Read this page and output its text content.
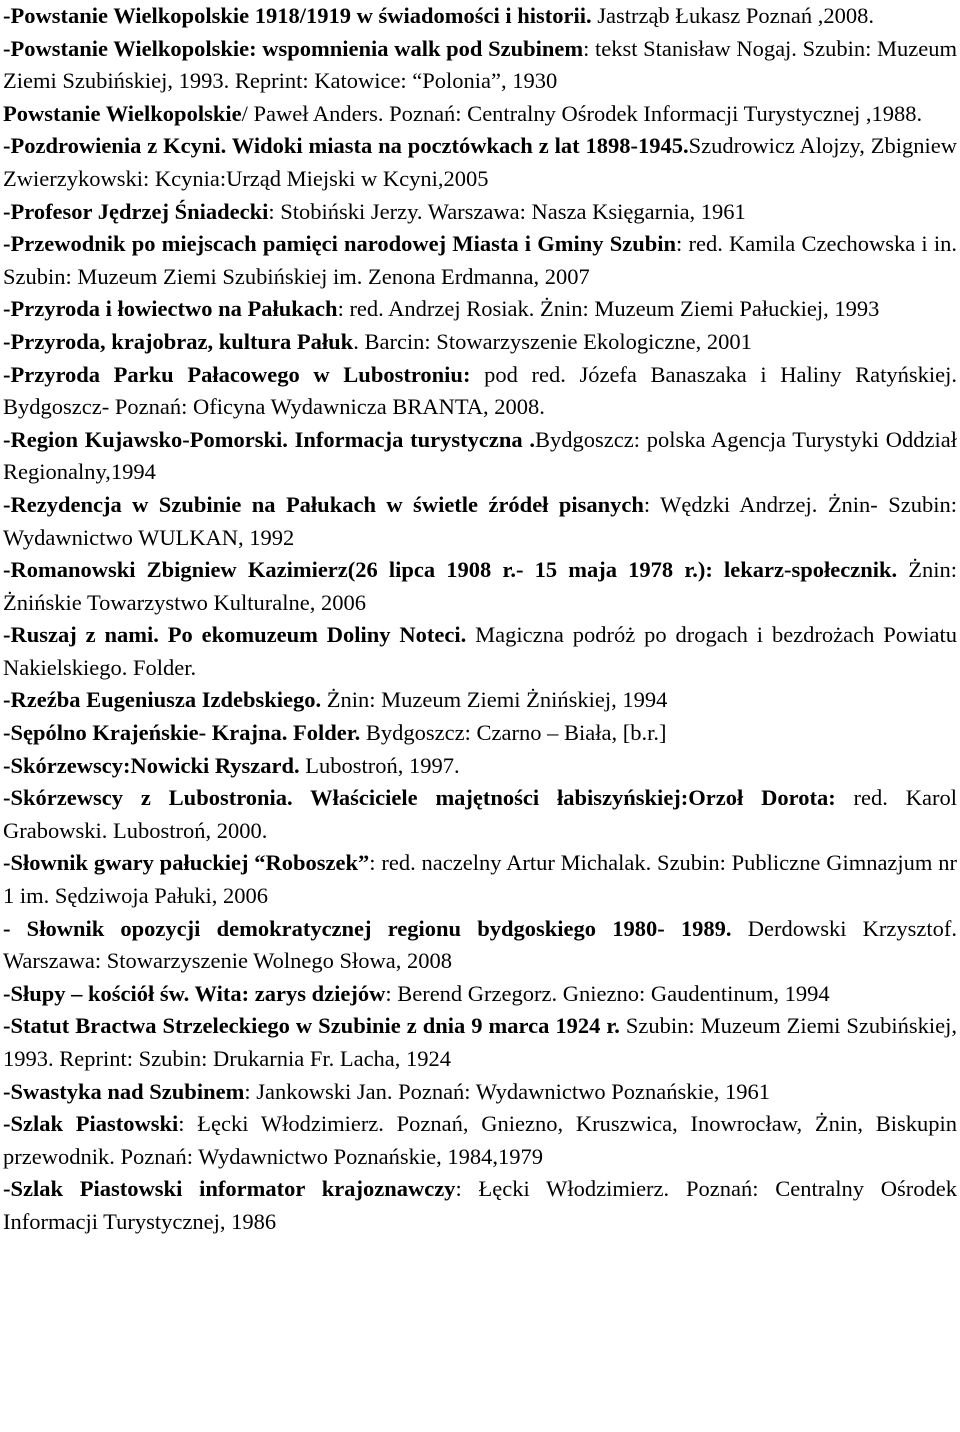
-Powstanie Wielkopolskie 1918/1919 w świadomości i historii. Jastrząb Łukasz Poznań ,2008.

-Powstanie Wielkopolskie: wspomnienia walk pod Szubinem: tekst Stanisław Nogaj. Szubin: Muzeum Ziemi Szubińskiej, 1993. Reprint: Katowice: “Polonia”, 1930

Powstanie Wielkopolskie/ Paweł Anders. Poznań: Centralny Ośrodek Informacji Turystycznej ,1988.

-Pozdrowienia z Kcyni. Widoki miasta na pocztówkach z lat 1898-1945.Szudrowicz Alojzy, Zbigniew Zwierzykowski: Kcynia:Urząd Miejski w Kcyni,2005

-Profesor Jędrzej Śniadecki: Stobiński Jerzy. Warszawa: Nasza Księgarnia, 1961

-Przewodnik po miejscach pamięci narodowej Miasta i Gminy Szubin: red. Kamila Czechowska i in. Szubin: Muzeum Ziemi Szubińskiej im. Zenona Erdmanna, 2007

-Przyroda i łowiectwo na Pałukach: red. Andrzej Rosiak. Żnin: Muzeum Ziemi Pałuckiej, 1993

-Przyroda, krajobraz, kultura Pałuk. Barcin: Stowarzyszenie Ekologiczne, 2001

-Przyroda Parku Pałacowego w Lubostroniu: pod red. Józefa Banaszaka i Haliny Ratyńskiej. Bydgoszcz- Poznań: Oficyna Wydawnicza BRANTA, 2008.

-Region Kujawsko-Pomorski. Informacja turystyczna .Bydgoszcz: polska Agencja Turystyki Oddział Regionalny,1994

-Rezydencja w Szubinie na Pałukach w świetle źródeł pisanych: Wędzki Andrzej. Żnin- Szubin: Wydawnictwo WULKAN, 1992

-Romanowski Zbigniew Kazimierz(26 lipca 1908 r.- 15 maja 1978 r.): lekarz-społecznik. Żnin: Żnińskie Towarzystwo Kulturalne, 2006

-Ruszaj z nami. Po ekomuzeum Doliny Noteci. Magiczna podróż po drogach i bezdrożach Powiatu Nakielskiego. Folder.

-Rzeźba Eugeniusza Izdebskiego. Żnin: Muzeum Ziemi Żnińskiej, 1994

-Sępólno Krajeńskie- Krajna. Folder. Bydgoszcz: Czarno – Biała, [b.r.]

-Skórzewscy:Nowicki Ryszard. Lubostroń, 1997.

-Skórzewscy z Lubostronia. Właściciele majętności łabiszyńskiej:Orzoł Dorota: red. Karol Grabowski. Lubostroń, 2000.

-Słownik gwary pałuckiej “Roboszek”: red. naczelny Artur Michalak. Szubin: Publiczne Gimnazjum nr 1 im. Sędziwoja Pałuki, 2006

- Słownik opozycji demokratycznej regionu bydgoskiego 1980- 1989. Derdowski Krzysztof. Warszawa: Stowarzyszenie Wolnego Słowa, 2008

-Słupy – kościół św. Wita: zarys dziejów: Berend Grzegorz. Gniezno: Gaudentinum, 1994

-Statut Bractwa Strzeleckiego w Szubinie z dnia 9 marca 1924 r. Szubin: Muzeum Ziemi Szubińskiej, 1993. Reprint: Szubin: Drukarnia Fr. Lacha, 1924

-Swastyka nad Szubinem: Jankowski Jan. Poznań: Wydawnictwo Poznańskie, 1961

-Szlak Piastowski: Łęcki Włodzimierz. Poznań, Gniezno, Kruszwica, Inowrocław, Żnin, Biskupin przewodnik. Poznań: Wydawnictwo Poznańskie, 1984,1979

-Szlak Piastowski informator krajoznawczy: Łęcki Włodzimierz. Poznań: Centralny Ośrodek Informacji Turystycznej, 1986
